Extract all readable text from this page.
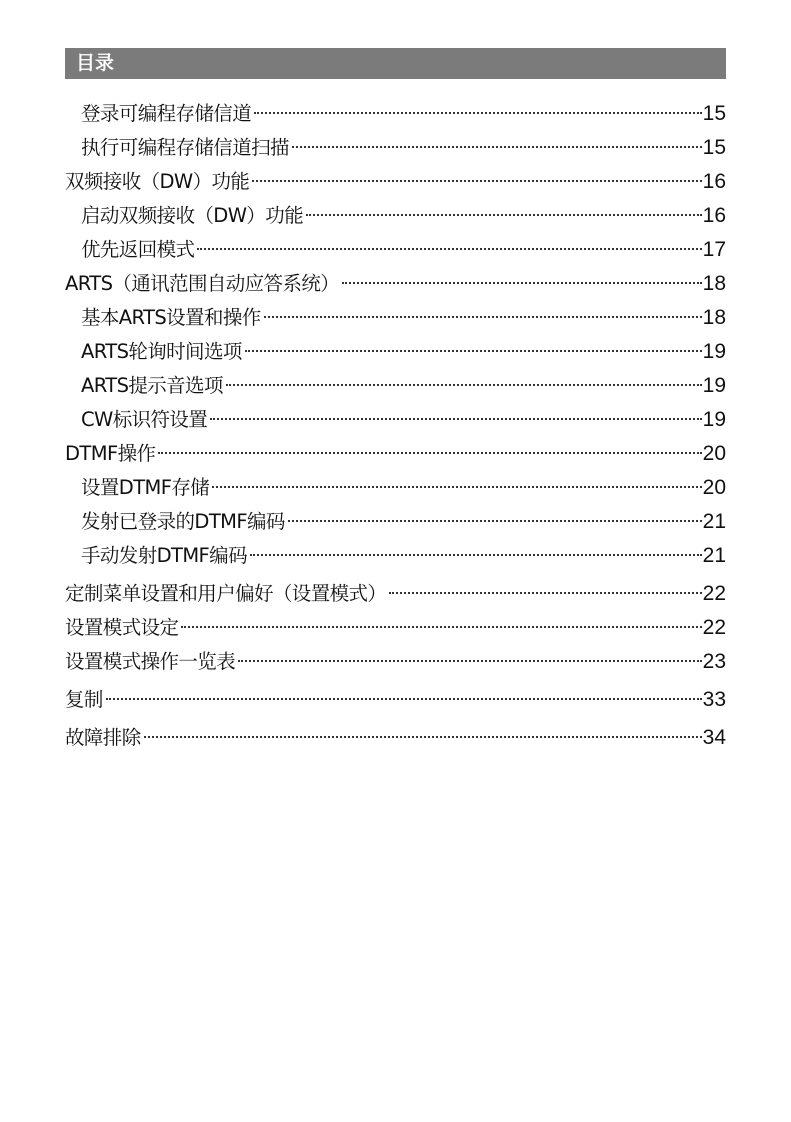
目录
登录可编程存储信道	15
执行可编程存储信道扫描	15
双频接收（DW）功能	16
启动双频接收（DW）功能	16
优先返回模式	17
ARTS（通讯范围自动应答系统）	18
基本ARTS设置和操作	18
ARTS轮询时间选项	19
ARTS提示音选项	19
CW标识符设置	19
DTMF操作	20
设置DTMF存储	20
发射已登录的DTMF编码	21
手动发射DTMF编码	21
定制菜单设置和用户偏好（设置模式）	22
设置模式设定	22
设置模式操作一览表	23
复制	33
故障排除	34
